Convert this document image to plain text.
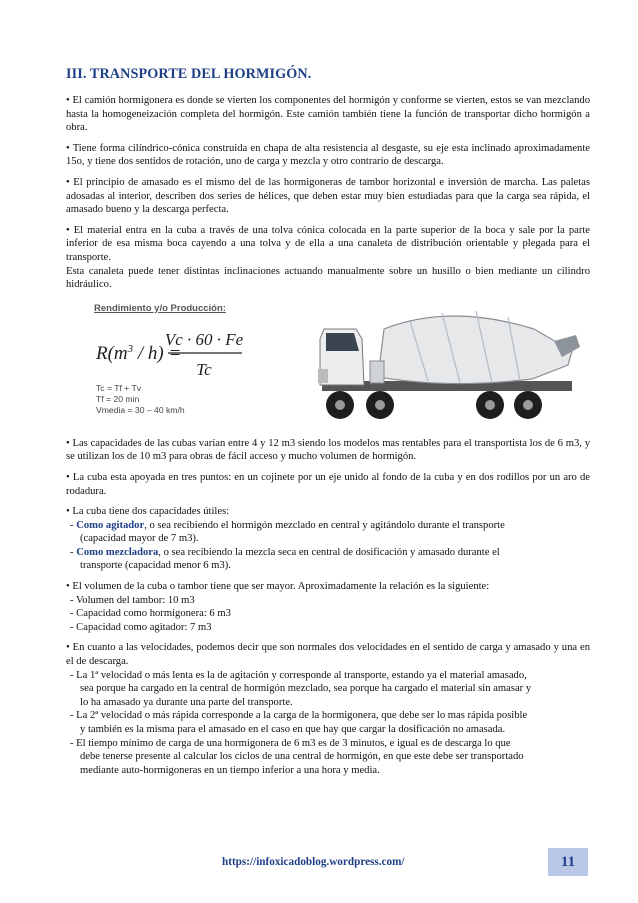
III. TRANSPORTE DEL HORMIGÓN.

• El camión hormigonera es donde se vierten los componentes del hormigón y conforme se vierten, estos se van mezclando hasta la homogeneización completa del hormigón. Este camión también tiene la función de transportar dicho hormigón a obra.

• Tiene forma cilíndrico-cónica construida en chapa de alta resistencia al desgaste, su eje esta inclinado aproximadamente 15o, y tiene dos sentidos de rotación, uno de carga y mezcla y otro contrario de descarga.

• El principio de amasado es el mismo del de las hormigoneras de tambor horizontal e inversión de marcha. Las paletas adosadas al interior, describen dos series de hélices, que deben estar muy bien estudiadas para que la carga sea rápida, el amasado bueno y la descarga perfecta.

• El material entra en la cuba a través de una tolva cónica colocada en la parte superior de la boca y sale por la parte inferior de esa misma boca cayendo a una tolva y de ella a una canaleta de distribución orientable y plegada para el transporte.
Esta canaleta puede tener distintas inclinaciones actuando manualmente sobre un husillo o bien mediante un cilindro hidráulico.
Rendimiento y/o Producción:
$R(m^3 / h)$ =
Vc · 60 · Fe
Tc
Tc = Tf + Tv
Tf = 20 min
Vmedia = 30 – 40 km/h

• Las capacidades de las cubas varían entre 4 y 12 m3 siendo los modelos mas rentables para el transportista los de 6 m3, y se utilizan los de 10 m3 para obras de fácil acceso y mucho volumen de hormigón.

• La cuba esta apoyada en tres puntos: en un cojinete por un eje unido al fondo de la cuba y en dos rodillos por un aro de rodadura.

• La cuba tiene dos capacidades útiles:
- Como agitador, o sea recibiendo el hormigón mezclado en central y agitándolo durante el transporte
(capacidad mayor de 7 m3).
- Como mezcladora, o sea recibiendo la mezcla seca en central de dosificación y amasado durante el
transporte (capacidad menor 6 m3).
• El volumen de la cuba o tambor tiene que ser mayor. Aproximadamente la relación es la siguiente:
- Volumen del tambor: 10 m3
- Capacidad como hormigonera: 6 m3
- Capacidad como agitador: 7 m3
• En cuanto a las velocidades, podemos decir que son normales dos velocidades en el sentido de carga y amasado y una en el de descarga.
- La 1ª velocidad o más lenta es la de agitación y corresponde al transporte, estando ya el material amasado,
sea porque ha cargado en la central de hormigón mezclado, sea porque ha cargado el material sin amasar y
lo ha amasado ya durante una parte del transporte.
- La 2ª velocidad o más rápida corresponde a la carga de la hormigonera, que debe ser lo mas rápida posible
y también es la misma para el amasado en el caso en que hay que cargar la dosificación no amasada.
- El tiempo mínimo de carga de una hormigonera de 6 m3 es de 3 minutos, e igual es de descarga lo que
debe tenerse presente al calcular los ciclos de una central de hormigón, en que este debe ser transportado
mediante auto-hormigoneras en un tiempo inferior a una hora y media.
https://infoxicadoblog.wordpress.com/	11
